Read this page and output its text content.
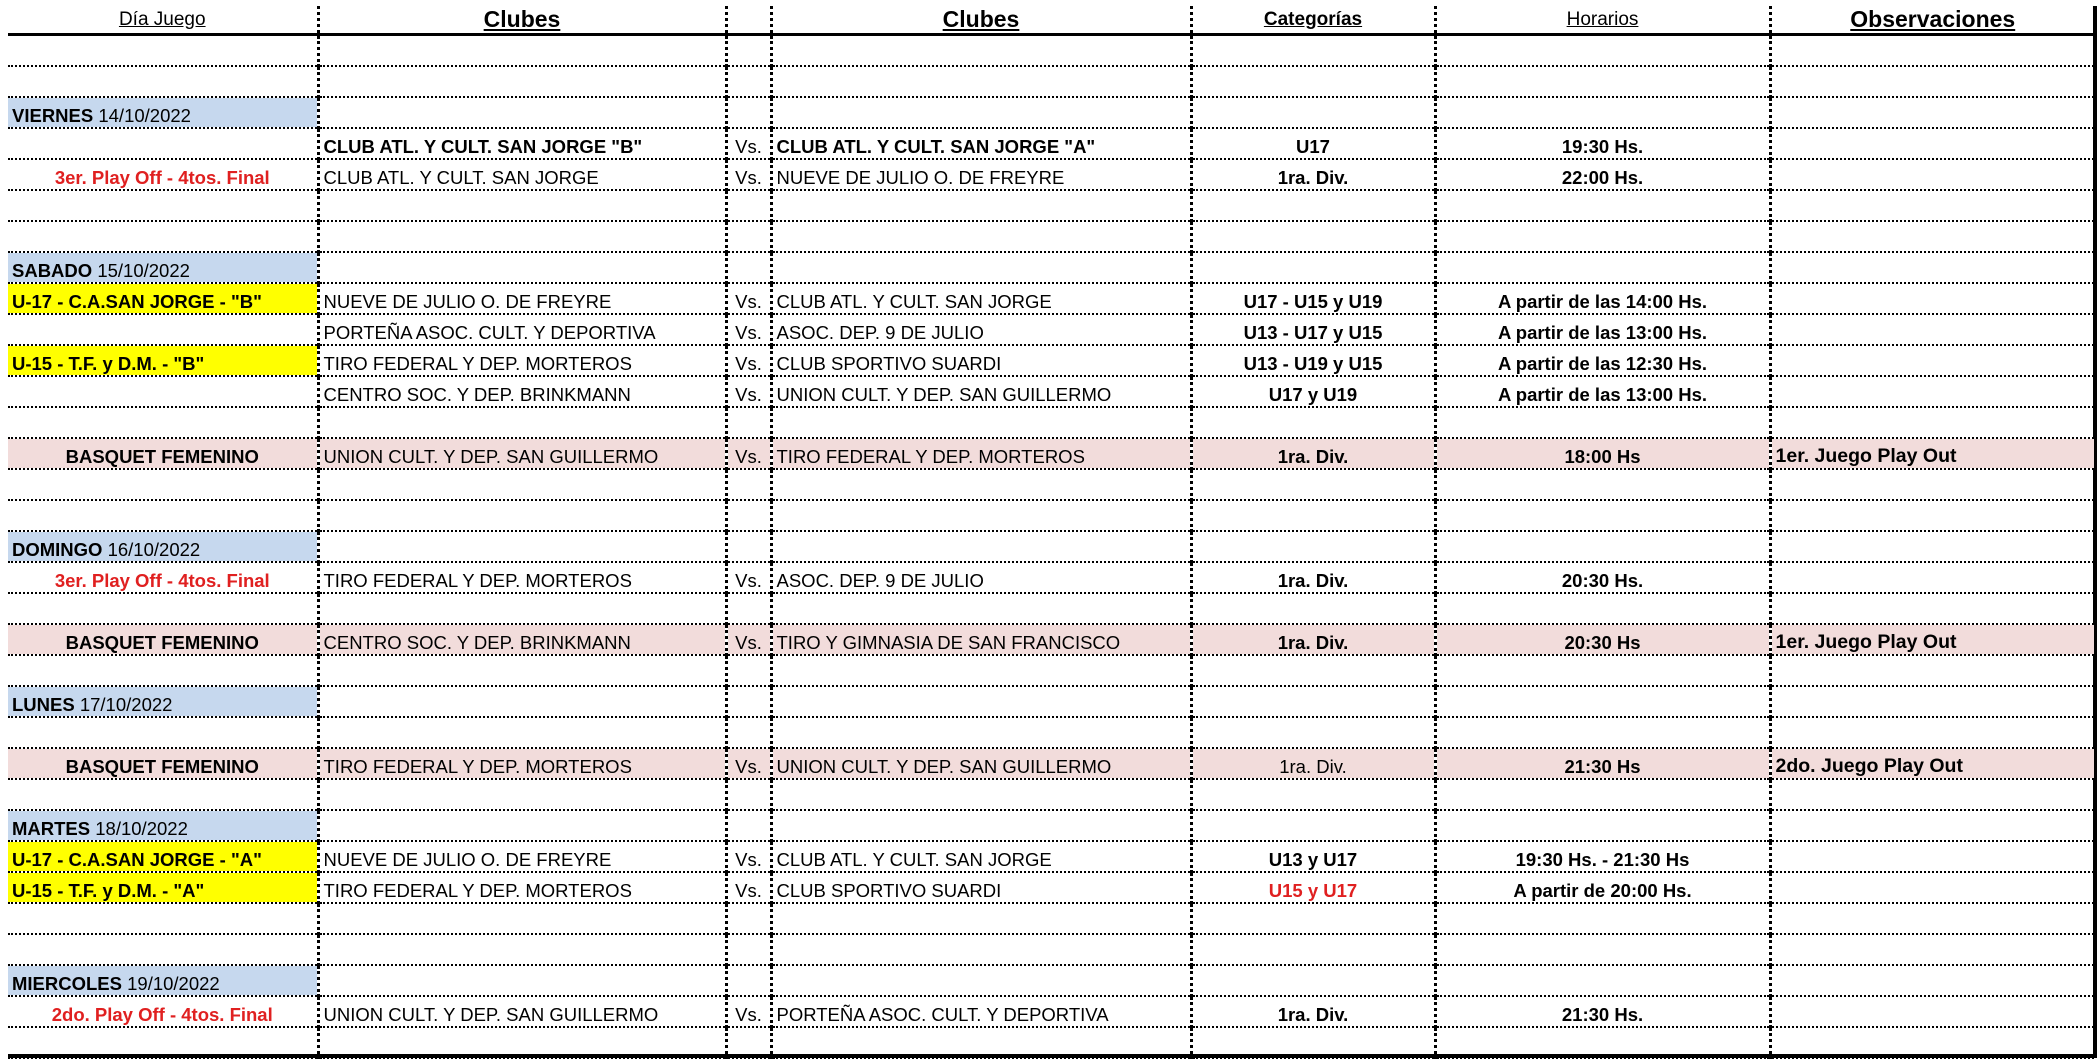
Día Juego	Clubes		Clubes	Categorías	Horarios	Observaciones

VIERNES 14/10/2022						
	CLUB ATL. Y CULT. SAN JORGE "B"	Vs.	CLUB ATL. Y CULT. SAN JORGE "A"	U17	19:30 Hs.	
3er. Play Off - 4tos. Final	CLUB ATL. Y CULT. SAN JORGE	Vs.	NUEVE DE JULIO O. DE FREYRE	1ra. Div.	22:00 Hs.	

SABADO 15/10/2022						
U-17 - C.A.SAN JORGE - "B"	NUEVE DE JULIO O. DE FREYRE	Vs.	CLUB ATL. Y CULT. SAN JORGE	U17 - U15 y U19	A partir de las 14:00 Hs.	
	PORTEÑA ASOC. CULT. Y DEPORTIVA	Vs.	ASOC. DEP. 9 DE JULIO	U13 - U17 y U15	A partir de las 13:00 Hs.	
U-15 - T.F. y D.M. - "B"	TIRO FEDERAL Y DEP. MORTEROS	Vs.	CLUB SPORTIVO SUARDI	U13 - U19 y U15	A partir de las 12:30 Hs.	
	CENTRO SOC. Y DEP. BRINKMANN	Vs.	UNION CULT. Y DEP. SAN GUILLERMO	U17 y U19	A partir de las 13:00 Hs.	

BASQUET FEMENINO	UNION CULT. Y DEP. SAN GUILLERMO	Vs.	TIRO FEDERAL Y DEP. MORTEROS	1ra. Div.	18:00 Hs	1er. Juego Play Out

DOMINGO 16/10/2022						
3er. Play Off - 4tos. Final	TIRO FEDERAL Y DEP. MORTEROS	Vs.	ASOC. DEP. 9 DE JULIO	1ra. Div.	20:30 Hs.	

BASQUET FEMENINO	CENTRO SOC. Y DEP. BRINKMANN	Vs.	TIRO Y GIMNASIA DE SAN FRANCISCO	1ra. Div.	20:30 Hs	1er. Juego Play Out

LUNES 17/10/2022						

BASQUET FEMENINO	TIRO FEDERAL Y DEP. MORTEROS	Vs.	UNION CULT. Y DEP. SAN GUILLERMO	1ra. Div.	21:30 Hs	2do. Juego Play Out

MARTES 18/10/2022						
U-17 - C.A.SAN JORGE - "A"	NUEVE DE JULIO O. DE FREYRE	Vs.	CLUB ATL. Y CULT. SAN JORGE	U13 y U17	19:30 Hs. - 21:30 Hs	
U-15 - T.F. y D.M. - "A"	TIRO FEDERAL Y DEP. MORTEROS	Vs.	CLUB SPORTIVO SUARDI	U15 y U17	A partir de 20:00 Hs.	

MIERCOLES 19/10/2022						
2do. Play Off - 4tos. Final	UNION CULT. Y DEP. SAN GUILLERMO	Vs.	PORTEÑA ASOC. CULT. Y DEPORTIVA	1ra. Div.	21:30 Hs.	
